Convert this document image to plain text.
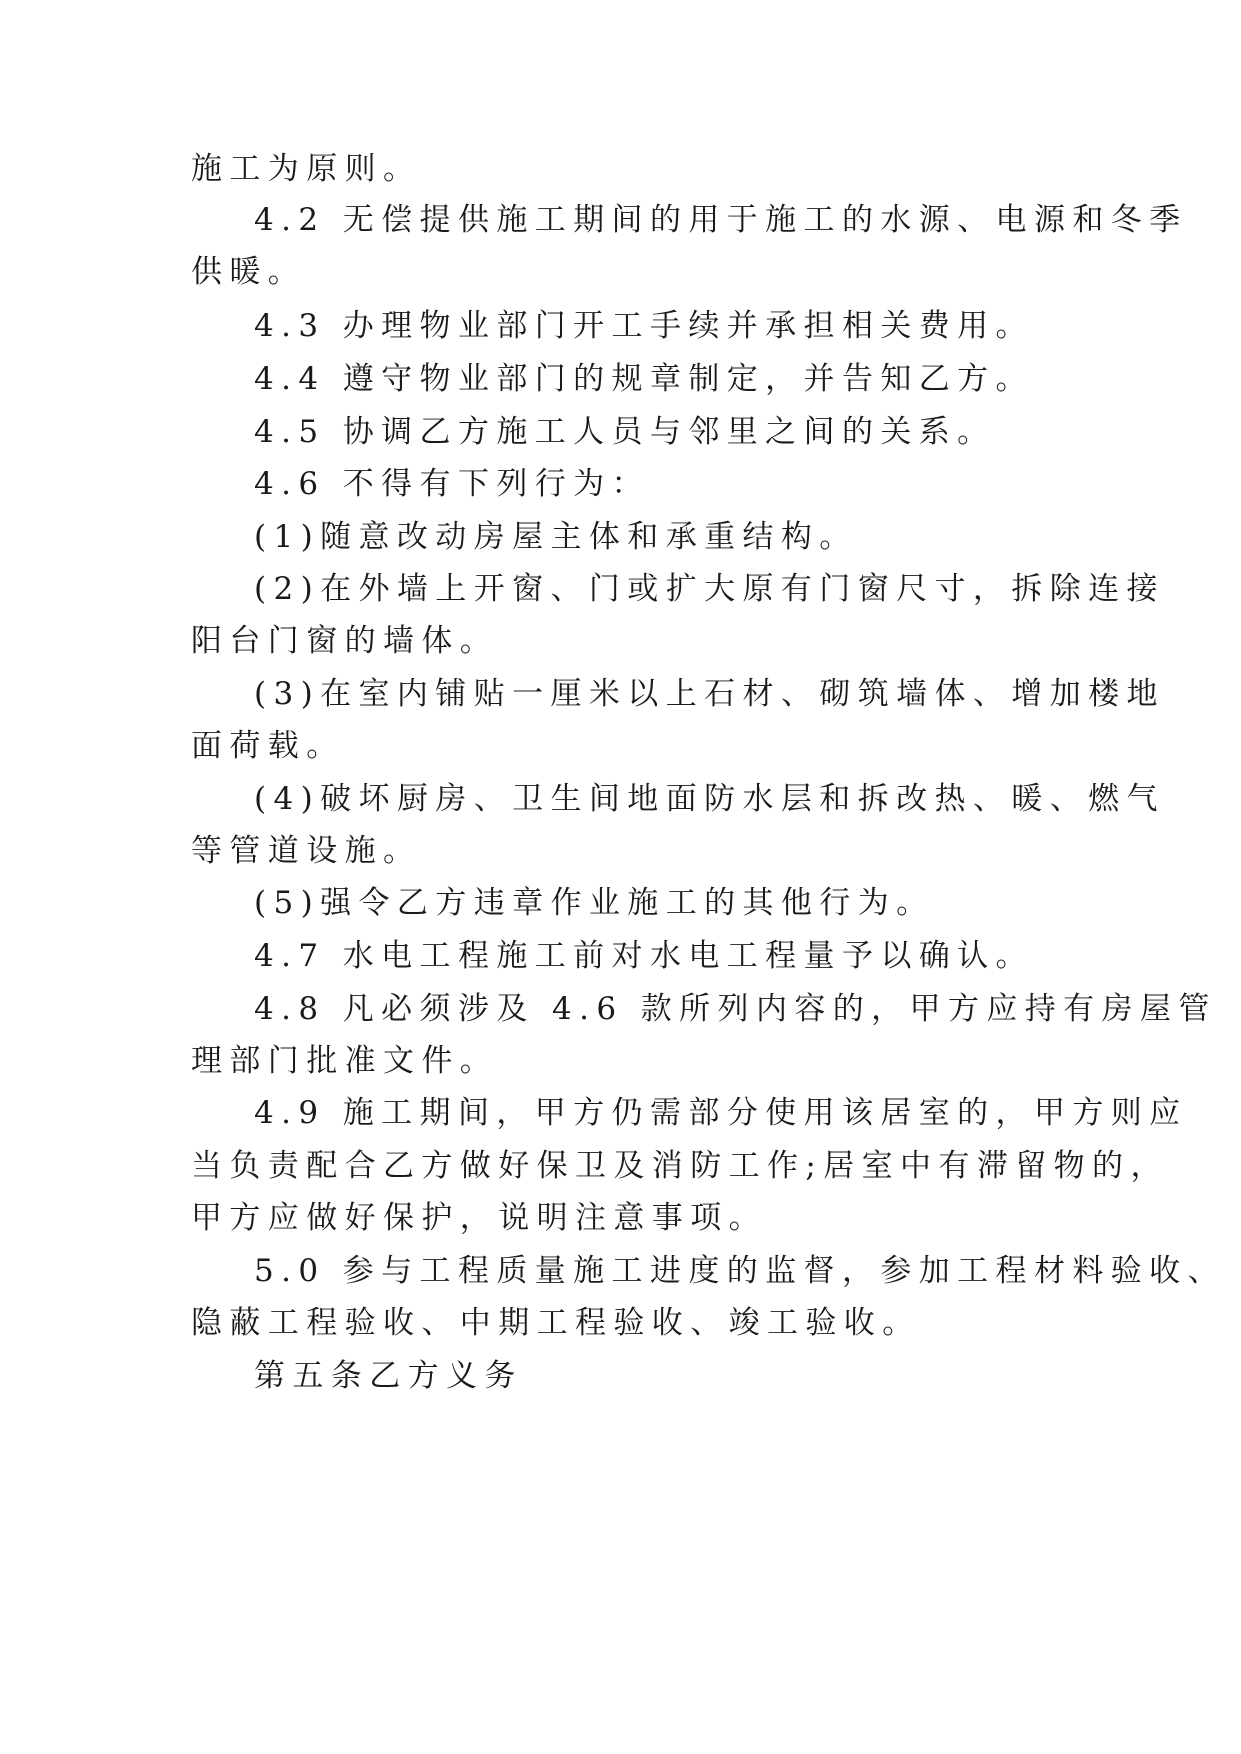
施工为原则。

4.2 无偿提供施工期间的用于施工的水源、电源和冬季

供暖。

4.3 办理物业部门开工手续并承担相关费用。

4.4 遵守物业部门的规章制定，并告知乙方。

4.5 协调乙方施工人员与邻里之间的关系。

4.6 不得有下列行为：

(1)随意改动房屋主体和承重结构。

(2)在外墙上开窗、门或扩大原有门窗尺寸，拆除连接

阳台门窗的墙体。

(3)在室内铺贴一厘米以上石材、砌筑墙体、增加楼地

面荷载。

(4)破坏厨房、卫生间地面防水层和拆改热、暖、燃气

等管道设施。

(5)强令乙方违章作业施工的其他行为。

4.7 水电工程施工前对水电工程量予以确认。

4.8 凡必须涉及 4.6 款所列内容的，甲方应持有房屋管

理部门批准文件。

4.9 施工期间，甲方仍需部分使用该居室的，甲方则应

当负责配合乙方做好保卫及消防工作;居室中有滞留物的，

甲方应做好保护，说明注意事项。

5.0 参与工程质量施工进度的监督，参加工程材料验收、

隐蔽工程验收、中期工程验收、竣工验收。

第五条乙方义务
